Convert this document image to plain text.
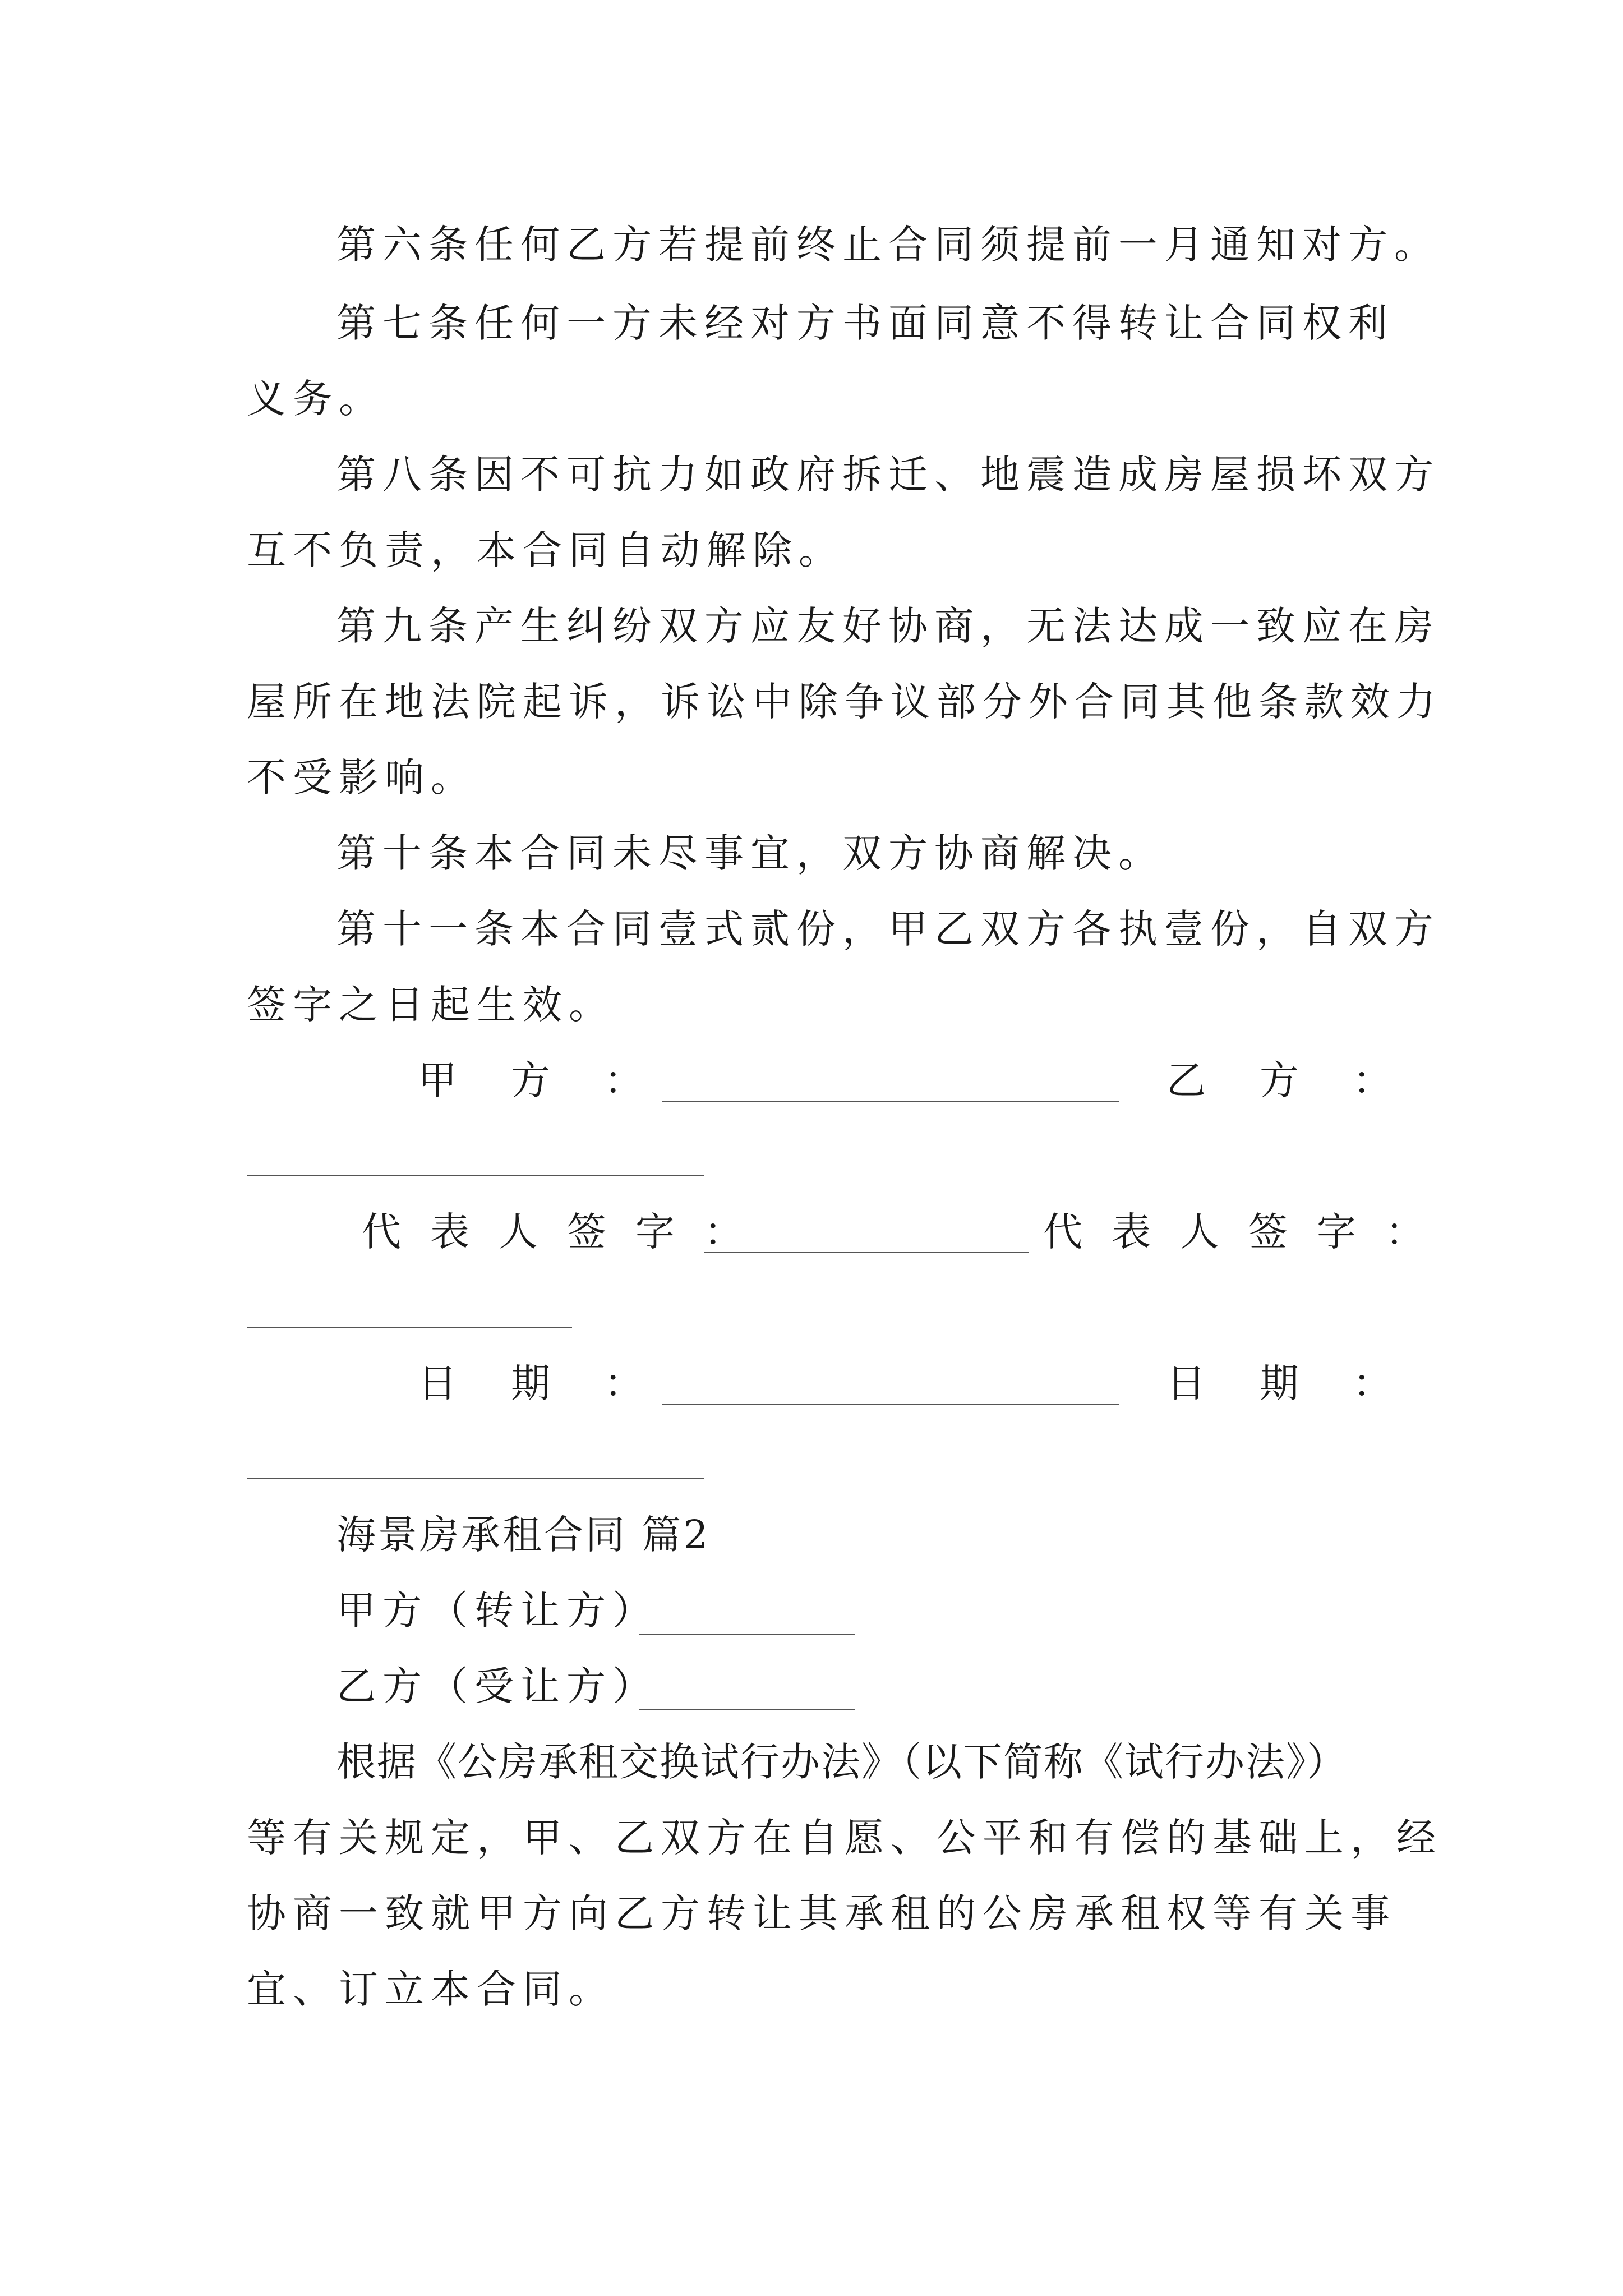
第六条任何乙方若提前终止合同须提前一月通知对方。
第七条任何一方未经对方书面同意不得转让合同权利
义务。
第八条因不可抗力如政府拆迁、地震造成房屋损坏双方
互不负责，本合同自动解除。
第九条产生纠纷双方应友好协商，无法达成一致应在房
屋所在地法院起诉，诉讼中除争议部分外合同其他条款效力
不受影响。
第十条本合同未尽事宜，双方协商解决。
第十一条本合同壹式贰份，甲乙双方各执壹份，自双方
签字之日起生效。
甲方：	乙方：
代表人签字：	代表人签字：
日期：	日期：
海景房承租合同 篇2
甲方（转让方）
乙方（受让方）
根据《公房承租交换试行办法》（以下简称《试行办法》）
等有关规定，甲、乙双方在自愿、公平和有偿的基础上，经
协商一致就甲方向乙方转让其承租的公房承租权等有关事
宜、订立本合同。
